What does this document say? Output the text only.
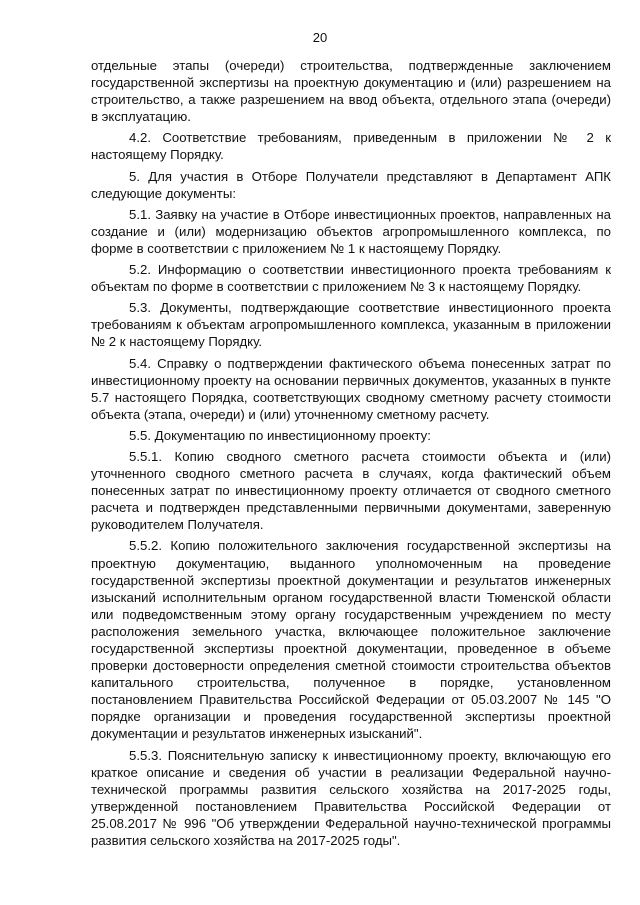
20

отдельные этапы (очереди) строительства, подтвержденные заключением государственной экспертизы на проектную документацию и (или) разрешением на строительство, а также разрешением на ввод объекта, отдельного этапа (очереди) в эксплуатацию.

4.2. Соответствие требованиям, приведенным в приложении № 2 к настоящему Порядку.

5. Для участия в Отборе Получатели представляют в Департамент АПК следующие документы:

5.1. Заявку на участие в Отборе инвестиционных проектов, направленных на создание и (или) модернизацию объектов агропромышленного комплекса, по форме в соответствии с приложением № 1 к настоящему Порядку.

5.2. Информацию о соответствии инвестиционного проекта требованиям к объектам по форме в соответствии с приложением № 3 к настоящему Порядку.

5.3. Документы, подтверждающие соответствие инвестиционного проекта требованиям к объектам агропромышленного комплекса, указанным в приложении № 2 к настоящему Порядку.

5.4. Справку о подтверждении фактического объема понесенных затрат по инвестиционному проекту на основании первичных документов, указанных в пункте 5.7 настоящего Порядка, соответствующих сводному сметному расчету стоимости объекта (этапа, очереди) и (или) уточненному сметному расчету.

5.5. Документацию по инвестиционному проекту:

5.5.1. Копию сводного сметного расчета стоимости объекта и (или) уточненного сводного сметного расчета в случаях, когда фактический объем понесенных затрат по инвестиционному проекту отличается от сводного сметного расчета и подтвержден представленными первичными документами, заверенную руководителем Получателя.

5.5.2. Копию положительного заключения государственной экспертизы на проектную документацию, выданного уполномоченным на проведение государственной экспертизы проектной документации и результатов инженерных изысканий исполнительным органом государственной власти Тюменской области или подведомственным этому органу государственным учреждением по месту расположения земельного участка, включающее положительное заключение государственной экспертизы проектной документации, проведенное в объеме проверки достоверности определения сметной стоимости строительства объектов капитального строительства, полученное в порядке, установленном постановлением Правительства Российской Федерации от 05.03.2007 № 145 "О порядке организации и проведения государственной экспертизы проектной документации и результатов инженерных изысканий".

5.5.3. Пояснительную записку к инвестиционному проекту, включающую его краткое описание и сведения об участии в реализации Федеральной научно-технической программы развития сельского хозяйства на 2017-2025 годы, утвержденной постановлением Правительства Российской Федерации от 25.08.2017 № 996 "Об утверждении Федеральной научно-технической программы развития сельского хозяйства на 2017-2025 годы".
